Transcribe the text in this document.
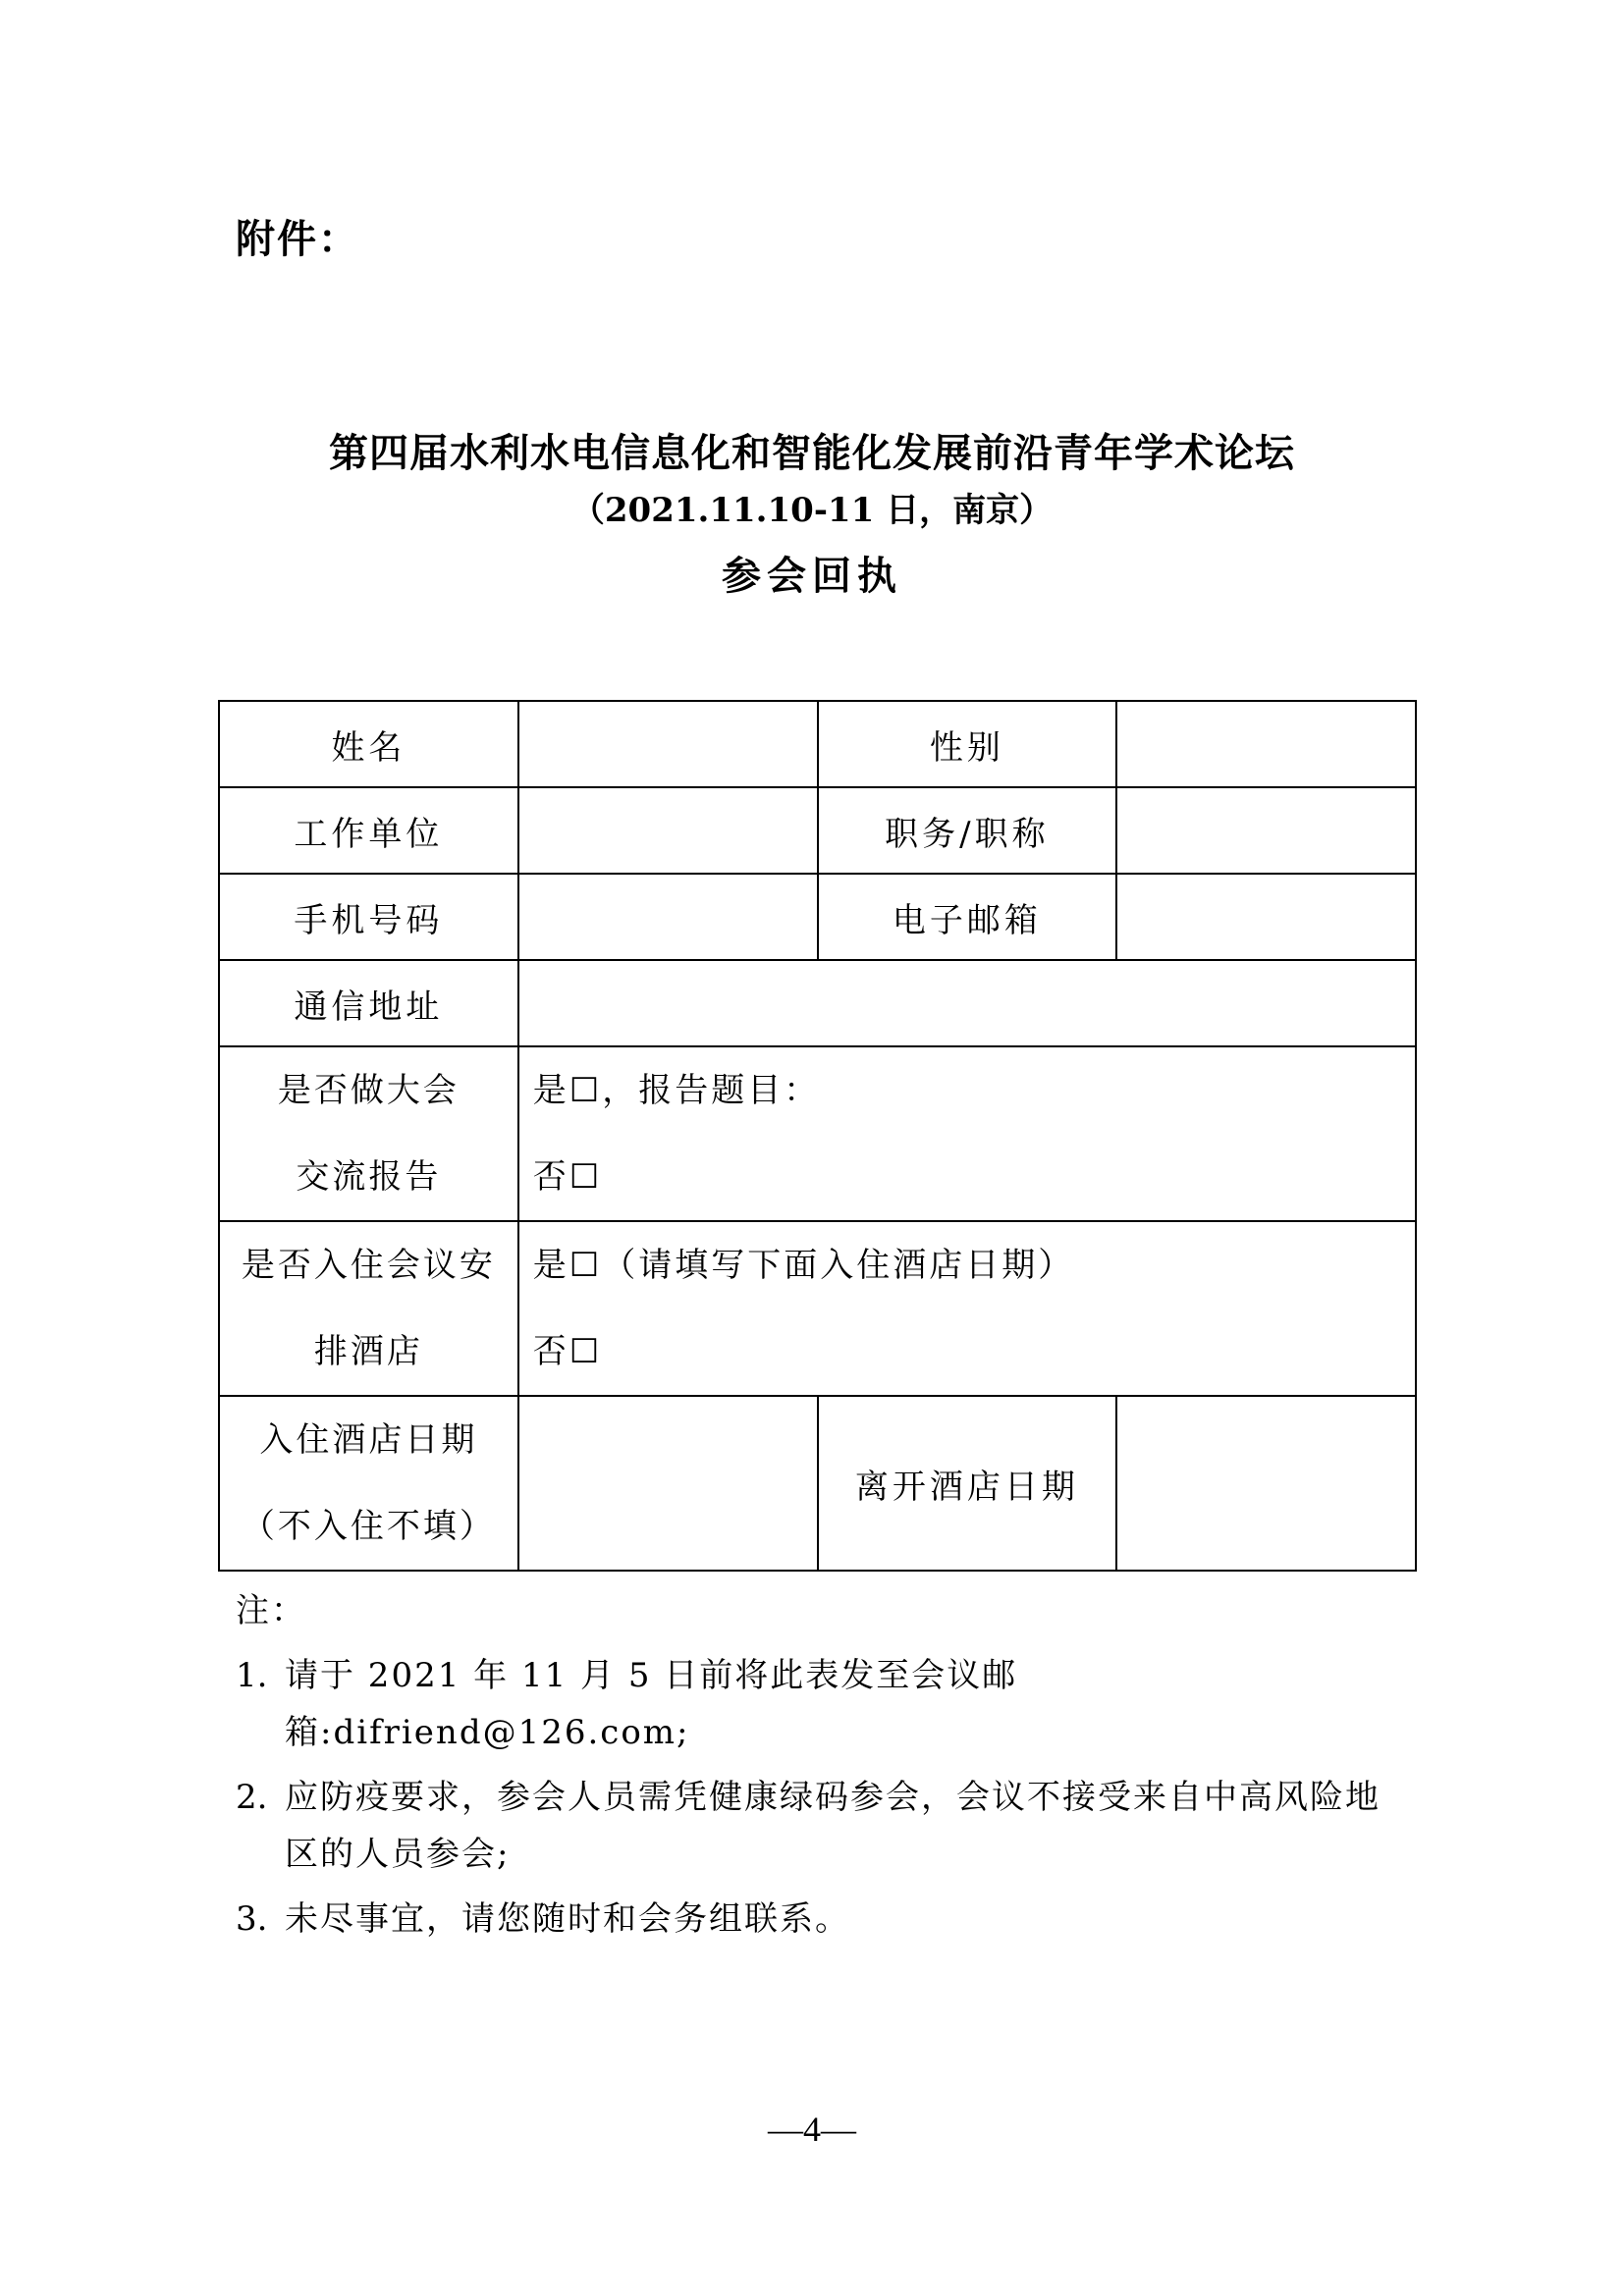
附件：
第四届水利水电信息化和智能化发展前沿青年学术论坛
（2021.11.10-11 日，南京）
参会回执
姓名		性别	
工作单位		职务/职称	
手机号码		电子邮箱	
通信地址			

是否做大会
交流报告	是☐，报告题目：
否☐		

是否入住会议安
排酒店	是☐（请填写下面入住酒店日期）
否☐		

入住酒店日期
（不入住不填）		离开酒店日期	
注：
1. 请于 2021 年 11 月 5 日前将此表发至会议邮箱:difriend@126.com;
2. 应防疫要求，参会人员需凭健康绿码参会，会议不接受来自中高风险地区的人员参会;
3. 未尽事宜，请您随时和会务组联系。
—4—
